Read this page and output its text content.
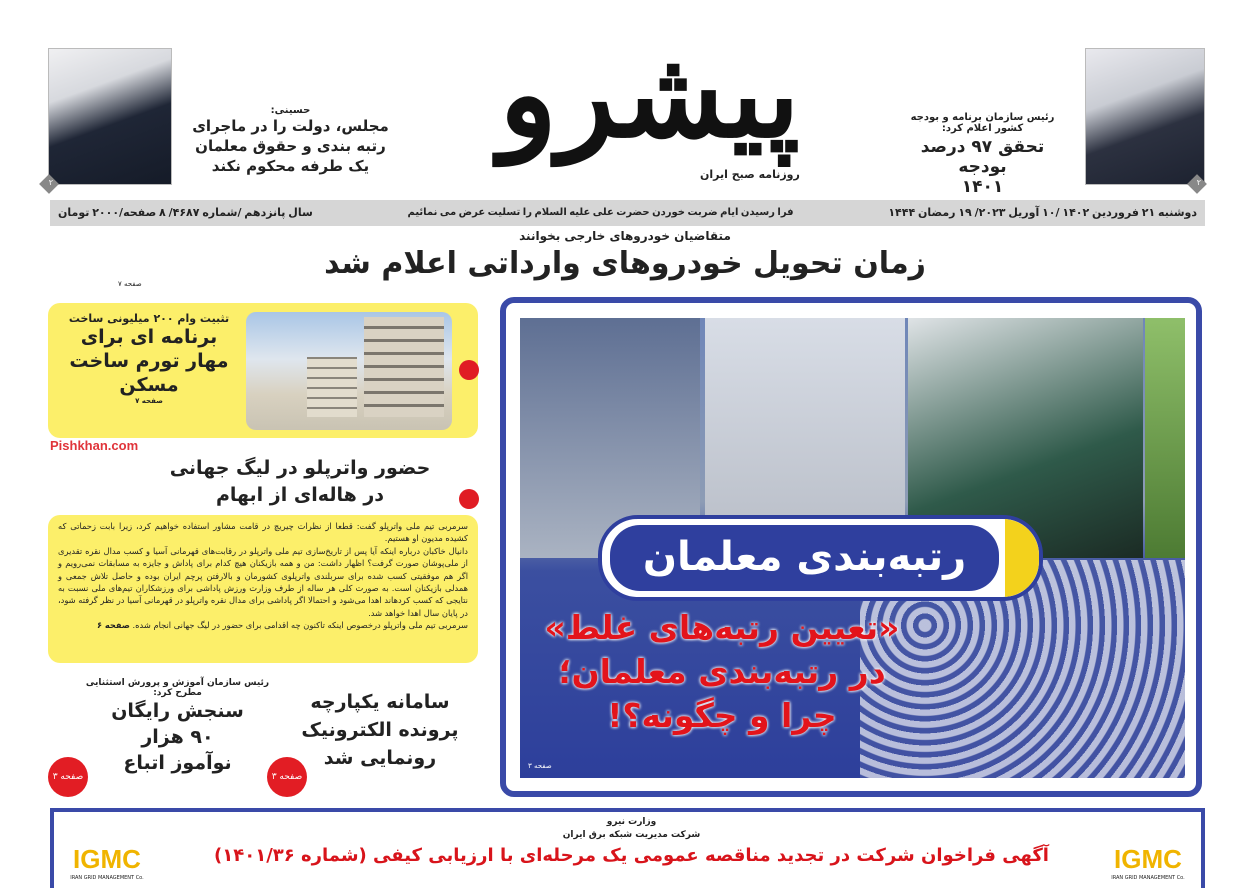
پیشرو
روزنامه صبح ایران
۲
رئیس سازمان برنامه و بودجه کشور اعلام کرد:
تحقق ۹۷ درصد بودجه
۱۴۰۱
۲
حسینی:
مجلس، دولت را در ماجرای
رتبه بندی و حقوق معلمان
یک طرفه محکوم نکند
دوشنبه ۲۱ فروردین ۱۴۰۲ /۱۰ آوریل ۲۰۲۳/ ۱۹ رمضان ۱۴۴۴
فرا رسیدن ایام ضربت خوردن حضرت علی علیه السلام را تسلیت عرض می نمائیم
سال پانزدهم /شماره ۴۶۸۷/ ۸ صفحه/۲۰۰۰ تومان
متقاضیان خودروهای خارجی بخوانند
زمان تحویل خودروهای وارداتی اعلام شد
صفحه ۷
رتبه‌بندی معلمان
«تعیین رتبه‌های غلط»
در رتبه‌بندی معلمان؛
چرا و چگونه؟!
صفحه ۳
تثبیت وام ۲۰۰ میلیونی ساخت
برنامه ای برای
مهار تورم ساخت
مسکن
صفحه ۷
Pishkhan.com
حضور واترپلو در لیگ جهانی
در هاله‌ای از ابهام

سرمربی تیم ملی واترپلو گفت: قطعا از نظرات چیریچ در قامت مشاور استفاده خواهیم کرد، زیرا بابت زحماتی که کشیده مدیون او هستیم.

دانیال خاکبان درباره اینکه آیا پس از تاریخ‌سازی تیم ملی واترپلو در رقابت‌های قهرمانی آسیا و کسب مدال نقره تقدیری از ملی‌پوشان صورت گرفت؟ اظهار داشت: من و همه بازیکنان هیچ کدام برای پاداش و جایزه به مسابقات نمی‌رویم و اگر هم موفقیتی کسب شده برای سربلندی واترپلوی کشورمان و بالارفتن پرچم ایران بوده و حاصل تلاش جمعی و همدلی بازیکنان است. به صورت کلی هر ساله از طرف وزارت ورزش پاداشی برای ورزشکاران تیم‌های ملی نسبت به نتایجی که کسب کردهاند اهدا می‌شود و احتمالا اگر پاداشی برای مدال نقره واترپلو در قهرمانی آسیا در نظر گرفته شود، در پایان سال اهدا خواهد شد.

سرمربی تیم ملی واترپلو درخصوص اینکه تاکنون چه اقدامی برای حضور در لیگ جهانی انجام شده. صفحه ۶

سامانه یکپارچه
پرونده الکترونیک
رونمایی شد
صفحه ۳
رئیس سازمان آموزش و پرورش استثنایی
مطرح کرد:
سنجش رایگان
۹۰ هزار
نوآموز اتباع
صفحه ۳
وزارت نیرو
شرکت مدیریت شبکه برق ایران
آگهی فراخوان شرکت در تجدید مناقصه عمومی یک مرحله‌ای با ارزیابی کیفی (شماره ۱۴۰۱/۳۶)	IGMC
IRAN GRID MANAGEMENT Co.
IGMC
IRAN GRID MANAGEMENT Co.
